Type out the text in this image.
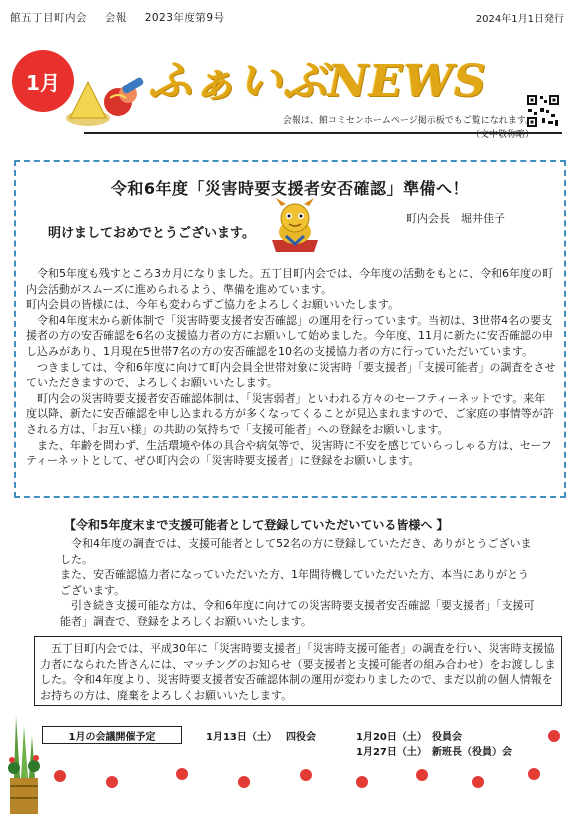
館五丁目町内会 会報 2023年度第9号	2024年1月1日発行
1月	ふぁいぶNEWS
会報は、館コミセンホームページ掲示板でもご覧になれます。
（文中敬称略）
令和6年度「災害時要支援者安否確認」準備へ！
明けましておめでとうございます。
町内会長　堀井佳子

令和5年度も残すところ3カ月になりました。五丁目町内会では、今年度の活動をもとに、令和6年度の町内会活動がスムーズに進められるよう、準備を進めています。

町内会員の皆様には、今年も変わらずご協力をよろしくお願いいたします。

令和4年度末から新体制で「災害時要支援者安否確認」の運用を行っています。当初は、3世帯4名の要支援者の方の安否確認を6名の支援協力者の方にお願いして始めました。今年度、11月に新たに安否確認の申し込みがあり、1月現在5世帯7名の方の安否確認を10名の支援協力者の方に行っていただいています。

つきましては、令和6年度に向けて町内会員全世帯対象に災害時「要支援者」「支援可能者」の調査をさせていただきますので、よろしくお願いいたします。

町内会の災害時要支援者安否確認体制は、「災害弱者」といわれる方々のセーフティーネットです。来年度以降、新たに安否確認を申し込まれる方が多くなってくることが見込まれますので、ご家庭の事情等が許される方は、「お互い様」の共助の気持ちで「支援可能者」への登録をお願いします。

また、年齢を問わず、生活環境や体の具合や病気等で、災害時に不安を感じていらっしゃる方は、セーフティーネットとして、ぜひ町内会の「災害時要支援者」に登録をお願いします。

【令和5年度末まで支援可能者として登録していただいている皆様へ 】

令和4年度の調査では、支援可能者として52名の方に登録していただき、ありがとうございました。

また、安否確認協力者になっていただいた方、1年間待機していただいた方、本当にありがとうございます。

引き続き支援可能な方は、令和6年度に向けての災害時要支援者安否確認「要支援者」「支援可能者」調査で、登録をよろしくお願いいたします。

五丁目町内会では、平成30年に「災害時要支援者」「災害時支援可能者」の調査を行い、災害時支援協力者になられた皆さんには、マッチングのお知らせ（要支援者と支援可能者の組み合わせ）をお渡ししました。令和4年度より、災害時要支援者安否確認体制の運用が変わりましたので、まだ以前の個人情報をお持ちの方は、廃棄をよろしくお願いいたします。
1月の会議開催予定	1月13日（土） 四役会	1月20日（土） 役員会
1月27日（土） 新班長（役員）会
